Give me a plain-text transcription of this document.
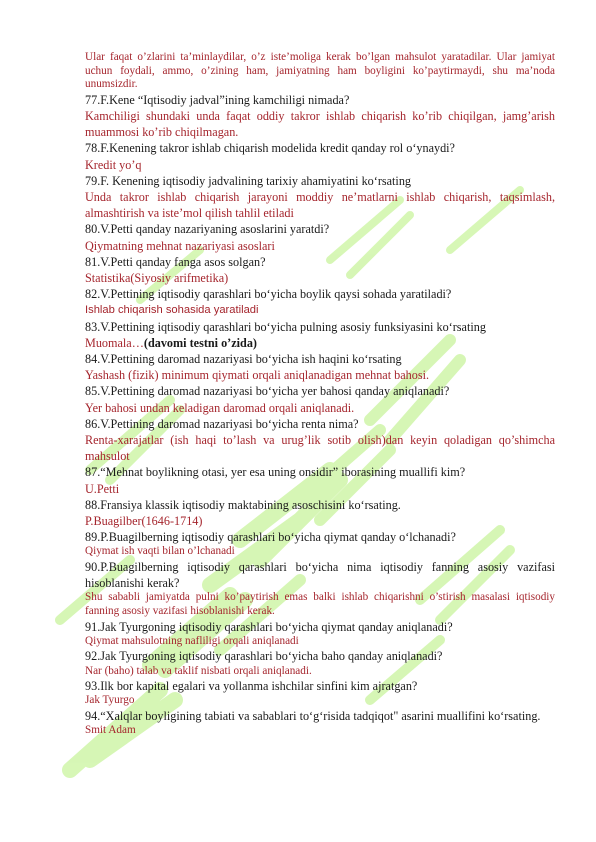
Ular faqat o’zlarini ta’minlaydilar, o’z iste’moliga kerak bo’lgan mahsulot yaratadilar. Ular jamiyat uchun foydali, ammo, o’zining ham, jamiyatning ham boyligini ko’paytirmaydi, shu ma’noda unumsizdir.

77.F.Kene “Iqtisodiy jadval”ining kamchiligi nimada?

Kamchiligi shundaki unda faqat oddiy takror ishlab chiqarish ko’rib chiqilgan, jamg’arish muammosi ko’rib chiqilmagan.

78.F.Kenening takror ishlab chiqarish modelida kredit qanday rol oʻynaydi?

Kredit yo’q

79.F. Kenening iqtisodiy jadvalining tarixiy ahamiyatini koʻrsating

Unda takror ishlab chiqarish jarayoni moddiy ne’matlarni ishlab chiqarish, taqsimlash, almashtirish va iste’mol qilish tahlil etiladi

80.V.Petti qanday nazariyaning asoslarini yaratdi?

Qiymatning mehnat nazariyasi asoslari

81.V.Petti qanday fanga asos solgan?

Statistika(Siyosiy arifmetika)

82.V.Pettining iqtisodiy qarashlari boʻyicha boylik qaysi sohada yaratiladi?

Ishlab chiqarish sohasida yaratiladi

83.V.Pettining iqtisodiy qarashlari boʻyicha pulning asosiy funksiyasini koʻrsating

Muomala…(davomi testni o’zida)

84.V.Pettining daromad nazariyasi boʻyicha ish haqini koʻrsating

Yashash (fizik) minimum qiymati orqali aniqlanadigan mehnat bahosi.

85.V.Pettining daromad nazariyasi boʻyicha yer bahosi qanday aniqlanadi?

Yer bahosi undan keladigan daromad orqali aniqlanadi.

86.V.Pettining daromad nazariyasi boʻyicha renta nima?

Renta-xarajatlar (ish haqi to’lash va urug’lik sotib olish)dan keyin qoladigan qo’shimcha mahsulot

87.“Mehnat boylikning otasi, yer esa uning onsidir” iborasining muallifi kim?

U.Petti

88.Fransiya klassik iqtisodiy maktabining asoschisini koʻrsating.

P.Buagilber(1646-1714)

89.P.Buagilberning iqtisodiy qarashlari boʻyicha qiymat qanday oʻlchanadi?

Qiymat ish vaqti bilan o’lchanadi

90.P.Buagilberning iqtisodiy qarashlari boʻyicha nima iqtisodiy fanning asosiy vazifasi hisoblanishi kerak?

Shu sababli jamiyatda pulni ko’paytirish emas balki ishlab chiqarishni o’stirish masalasi iqtisodiy fanning asosiy vazifasi hisoblanishi kerak.

91.Jak Tyurgoning iqtisodiy qarashlari boʻyicha qiymat qanday aniqlanadi?

Qiymat mahsulotning nafliligi orqali aniqlanadi

92.Jak Tyurgoning iqtisodiy qarashlari boʻyicha baho qanday aniqlanadi?

Nar (baho) talab va taklif nisbati orqali aniqlanadi.

93.Ilk bor kapital egalari va yollanma ishchilar sinfini kim ajratgan?

Jak Tyurgo

94.“Xalqlar boyligining tabiati va sabablari toʻgʻrisida tadqiqot" asarini muallifini koʻrsating.

Smit Adam
